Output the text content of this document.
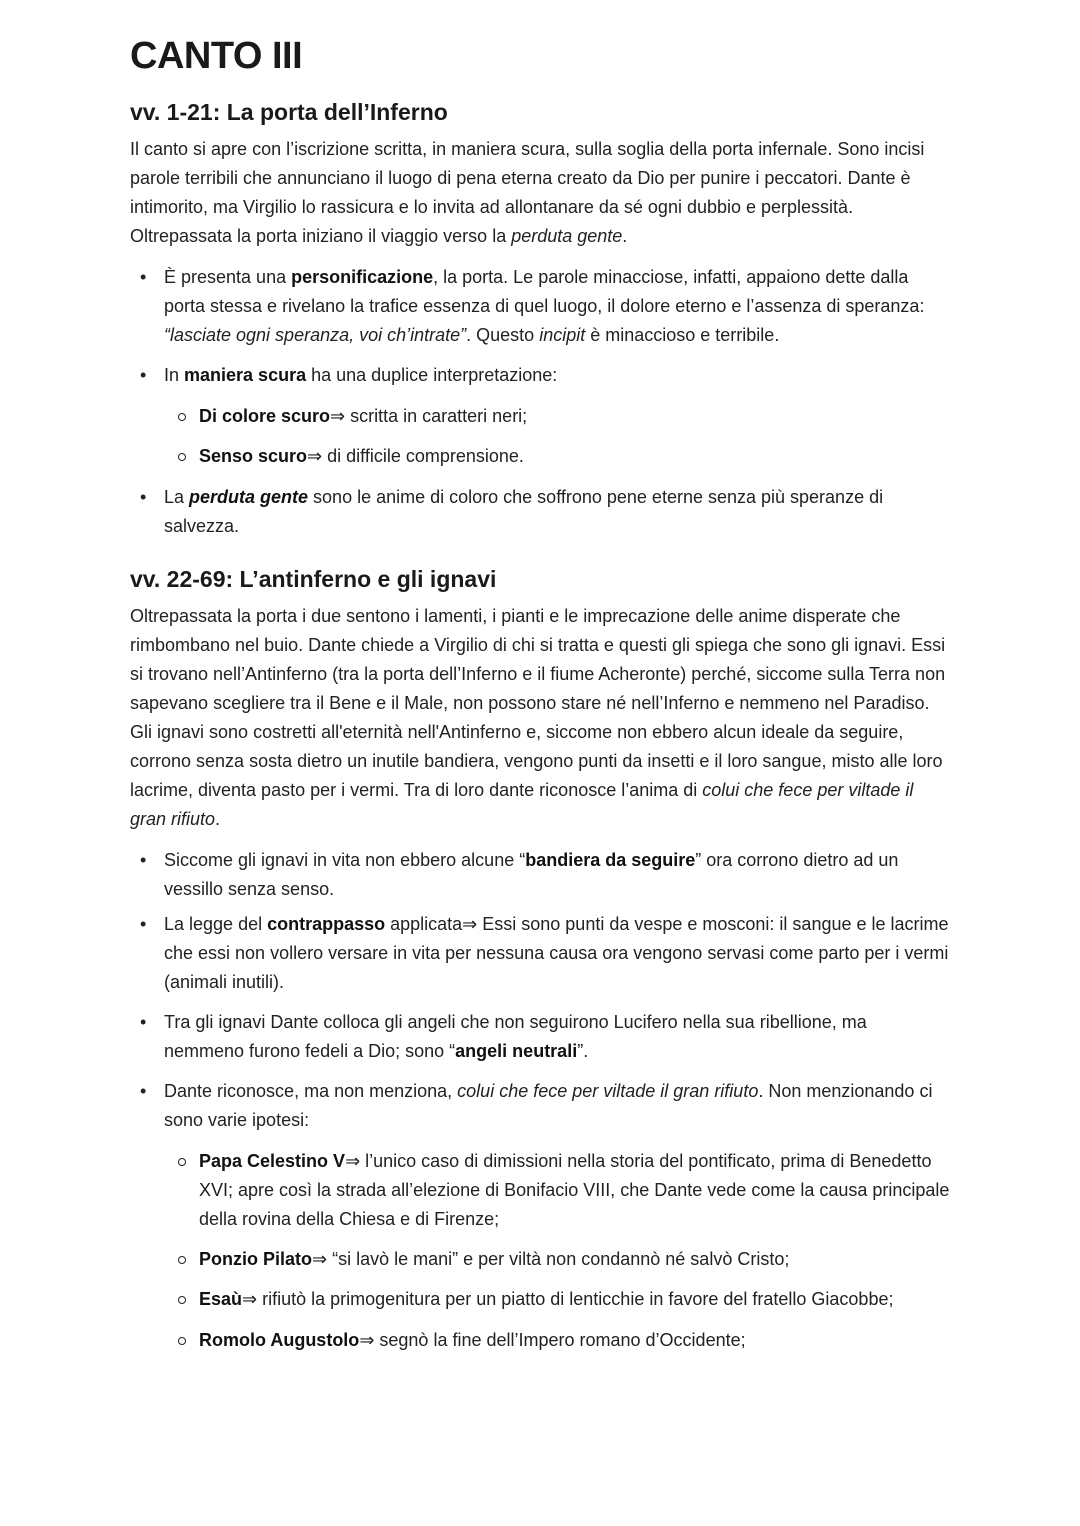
CANTO III
vv. 1-21: La porta dell’Inferno

Il canto si apre con l’iscrizione scritta, in maniera scura, sulla soglia della porta infernale. Sono incisi parole terribili che annunciano il luogo di pena eterna creato da Dio per punire i peccatori. Dante è intimorito, ma Virgilio lo rassicura e lo invita ad allontanare da sé ogni dubbio e perplessità. Oltrepassata la porta iniziano il viaggio verso la perduta gente.

• È presenta una personificazione, la porta. Le parole minacciose, infatti, appaiono dette dalla porta stessa e rivelano la trafice essenza di quel luogo, il dolore eterno e l’assenza di speranza: “lasciate ogni speranza, voi ch’intrate”. Questo incipit è minaccioso e terribile.
• In maniera scura ha una duplice interpretazione:
Di colore scuro⇒ scritta in caratteri neri;
Senso scuro⇒ di difficile comprensione.
• La perduta gente sono le anime di coloro che soffrono pene eterne senza più speranze di salvezza.
vv. 22-69: L’antinferno e gli ignavi

Oltrepassata la porta i due sentono i lamenti, i pianti e le imprecazione delle anime disperate che rimbombano nel buio. Dante chiede a Virgilio di chi si tratta e questi gli spiega che sono gli ignavi. Essi si trovano nell’Antinferno (tra la porta dell’Inferno e il fiume Acheronte) perché, siccome sulla Terra non sapevano scegliere tra il Bene e il Male, non possono stare né nell’Inferno e nemmeno nel Paradiso. Gli ignavi sono costretti all'eternità nell'Antinferno e, siccome non ebbero alcun ideale da seguire, corrono senza sosta dietro un inutile bandiera, vengono punti da insetti e il loro sangue, misto alle loro lacrime, diventa pasto per i vermi. Tra di loro dante riconosce l’anima di colui che fece per viltade il gran rifiuto.

• Siccome gli ignavi in vita non ebbero alcune “bandiera da seguire” ora corrono dietro ad un vessillo senza senso.
• La legge del contrappasso applicata⇒ Essi sono punti da vespe e mosconi: il sangue e le lacrime che essi non vollero versare in vita per nessuna causa ora vengono servasi come parto per i vermi (animali inutili).
• Tra gli ignavi Dante colloca gli angeli che non seguirono Lucifero nella sua ribellione, ma nemmeno furono fedeli a Dio; sono “angeli neutrali”.
• Dante riconosce, ma non menziona, colui che fece per viltade il gran rifiuto. Non menzionando ci sono varie ipotesi:
Papa Celestino V⇒ l’unico caso di dimissioni nella storia del pontificato, prima di Benedetto XVI; apre così la strada all’elezione di Bonifacio VIII, che Dante vede come la causa principale della rovina della Chiesa e di Firenze;
Ponzio Pilato⇒ “si lavò le mani” e per viltà non condannò né salvò Cristo;
Esaù⇒ rifiutò la primogenitura per un piatto di lenticchie in favore del fratello Giacobbe;
Romolo Augustolo⇒ segnò la fine dell’Impero romano d’Occidente;
